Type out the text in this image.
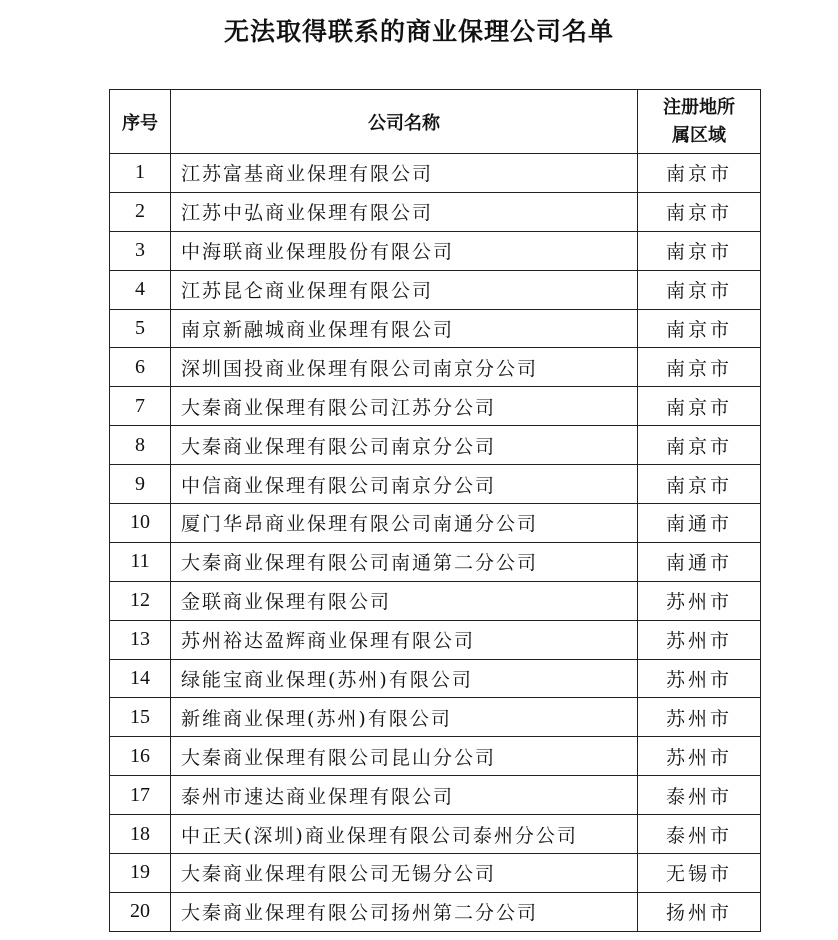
无法取得联系的商业保理公司名单
序号	公司名称	注册地所
属区域

1	江苏富基商业保理有限公司	南京市
2	江苏中弘商业保理有限公司	南京市
3	中海联商业保理股份有限公司	南京市
4	江苏昆仑商业保理有限公司	南京市
5	南京新融城商业保理有限公司	南京市
6	深圳国投商业保理有限公司南京分公司	南京市
7	大秦商业保理有限公司江苏分公司	南京市
8	大秦商业保理有限公司南京分公司	南京市
9	中信商业保理有限公司南京分公司	南京市
10	厦门华昂商业保理有限公司南通分公司	南通市
11	大秦商业保理有限公司南通第二分公司	南通市
12	金联商业保理有限公司	苏州市
13	苏州裕达盈辉商业保理有限公司	苏州市
14	绿能宝商业保理(苏州)有限公司	苏州市
15	新维商业保理(苏州)有限公司	苏州市
16	大秦商业保理有限公司昆山分公司	苏州市
17	泰州市速达商业保理有限公司	泰州市
18	中正天(深圳)商业保理有限公司泰州分公司	泰州市
19	大秦商业保理有限公司无锡分公司	无锡市
20	大秦商业保理有限公司扬州第二分公司	扬州市
